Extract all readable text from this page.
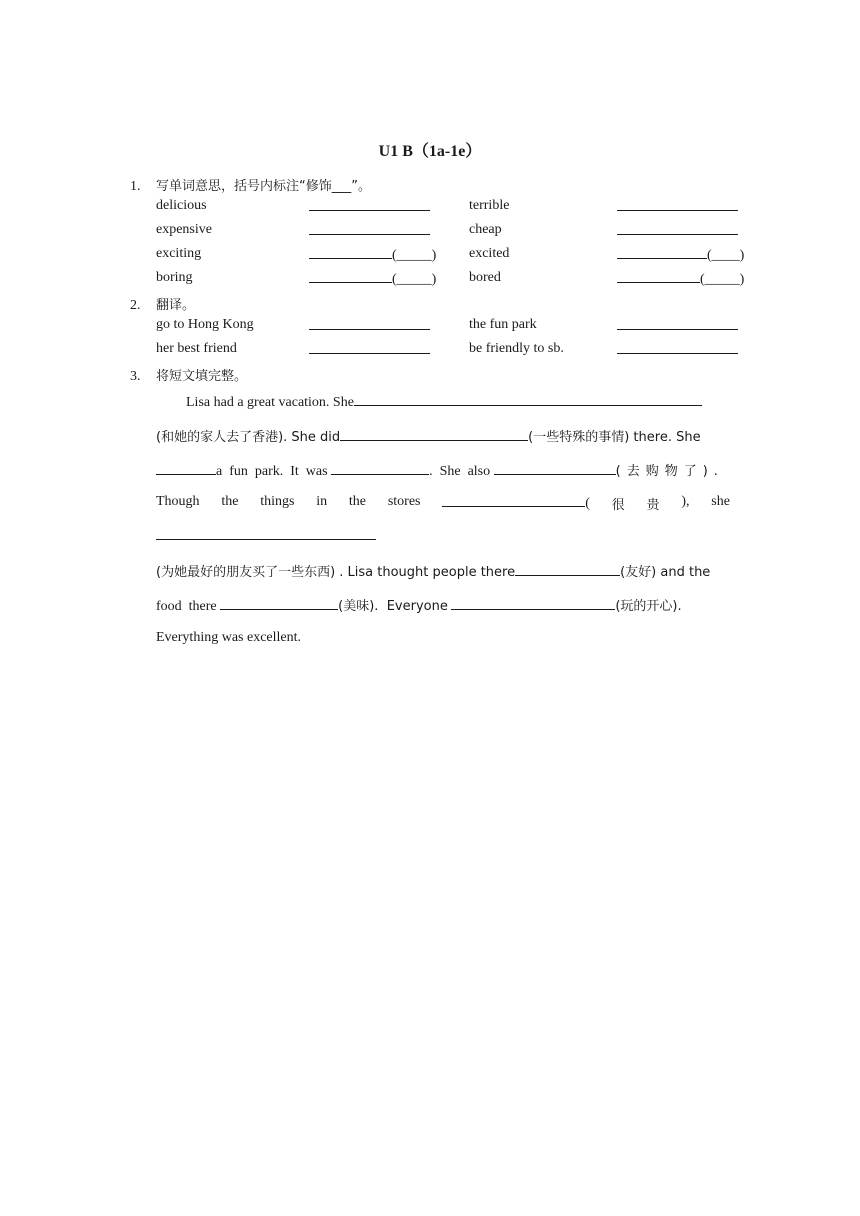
U1 B（1a-1e）
1. 写单词意思，括号内标注“修饰___”。
delicious	terrible
expensive	cheap
exciting	(_____) excited	(____)
boring	(_____) bored	(_____)
2. 翻译。
go to Hong Kong	the fun park
her best friend	be friendly to sb.
3. 将短文填完整。
Lisa had a great vacation. She
(和她的家人去了香港). She did	(一些特殊的事情) there. She
a  fun  park.  It  was	.  She  also	(去购物了).
Though the things in the stores	( 很 贵 ), she
(为她最好的朋友买了一些东西) . Lisa thought people there	(友好) and the
food  there	(美味).  Everyone	(玩的开心).
Everything was excellent.
